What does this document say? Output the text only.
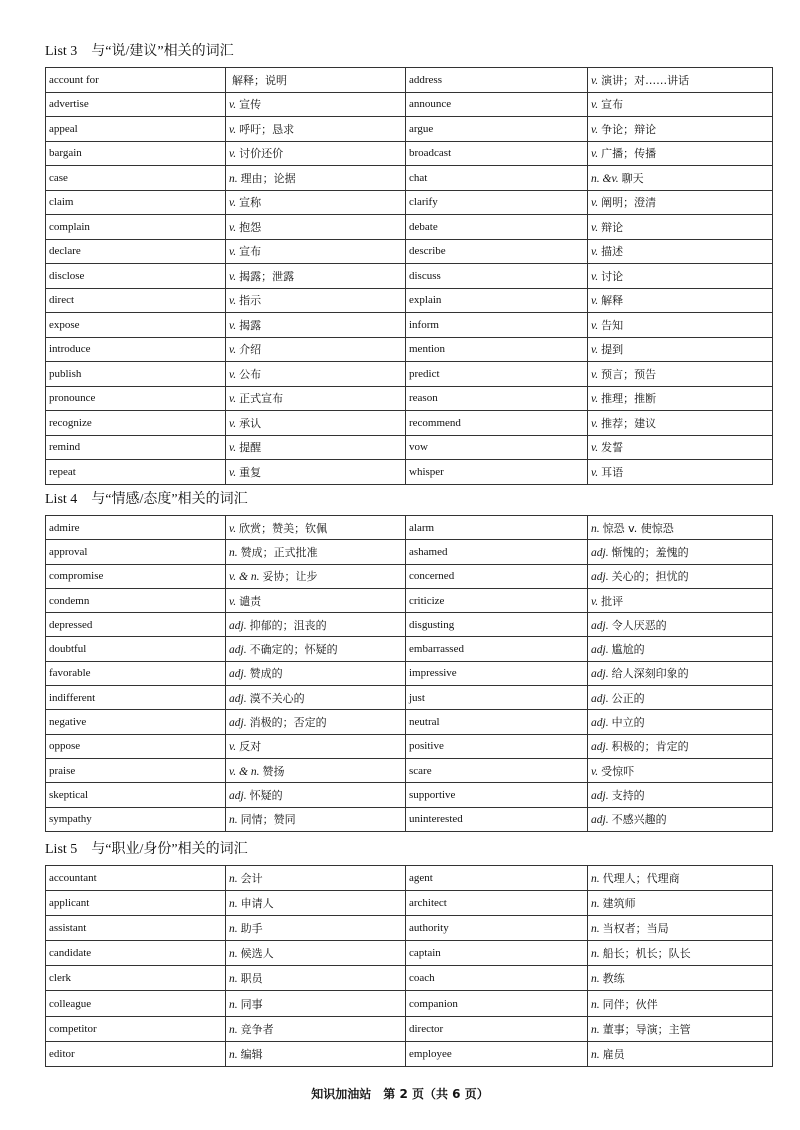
List 3　与“说/建议”相关的词汇
account for	解释；说明	address	v. 演讲；对……讲话
advertise	v. 宣传	announce	v. 宣布
appeal	v. 呼吁；恳求	argue	v. 争论；辩论
bargain	v. 讨价还价	broadcast	v. 广播；传播
case	n. 理由；论据	chat	n. &v. 聊天
claim	v. 宣称	clarify	v. 阐明；澄清
complain	v. 抱怨	debate	v. 辩论
declare	v. 宣布	describe	v. 描述
disclose	v. 揭露；泄露	discuss	v. 讨论
direct	v. 指示	explain	v. 解释
expose	v. 揭露	inform	v. 告知
introduce	v. 介绍	mention	v. 提到
publish	v. 公布	predict	v. 预言；预告
pronounce	v. 正式宣布	reason	v. 推理；推断
recognize	v. 承认	recommend	v. 推荐；建议
remind	v. 提醒	vow	v. 发誓
repeat	v. 重复	whisper	v. 耳语
List 4　与“情感/态度”相关的词汇
admire	v. 欣赏；赞美；钦佩	alarm	n. 惊恐 v. 使惊恐
approval	n. 赞成；正式批准	ashamed	adj. 惭愧的；羞愧的
compromise	v. & n. 妥协；让步	concerned	adj. 关心的；担忧的
condemn	v. 谴责	criticize	v. 批评
depressed	adj. 抑郁的；沮丧的	disgusting	adj. 令人厌恶的
doubtful	adj. 不确定的；怀疑的	embarrassed	adj. 尴尬的
favorable	adj. 赞成的	impressive	adj. 给人深刻印象的
indifferent	adj. 漠不关心的	just	adj. 公正的
negative	adj. 消极的；否定的	neutral	adj. 中立的
oppose	v. 反对	positive	adj. 积极的；肯定的
praise	v. & n. 赞扬	scare	v. 受惊吓
skeptical	adj. 怀疑的	supportive	adj. 支持的
sympathy	n. 同情；赞同	uninterested	adj. 不感兴趣的
List 5　与“职业/身份”相关的词汇
accountant	n. 会计	agent	n. 代理人；代理商
applicant	n. 申请人	architect	n. 建筑师
assistant	n. 助手	authority	n. 当权者；当局
candidate	n. 候选人	captain	n. 船长；机长；队长
clerk	n. 职员	coach	n. 教练
colleague	n. 同事	companion	n. 同伴；伙伴
competitor	n. 竞争者	director	n. 董事；导演；主管
editor	n. 编辑	employee	n. 雇员
知识加油站　第 2 页（共 6 页）
